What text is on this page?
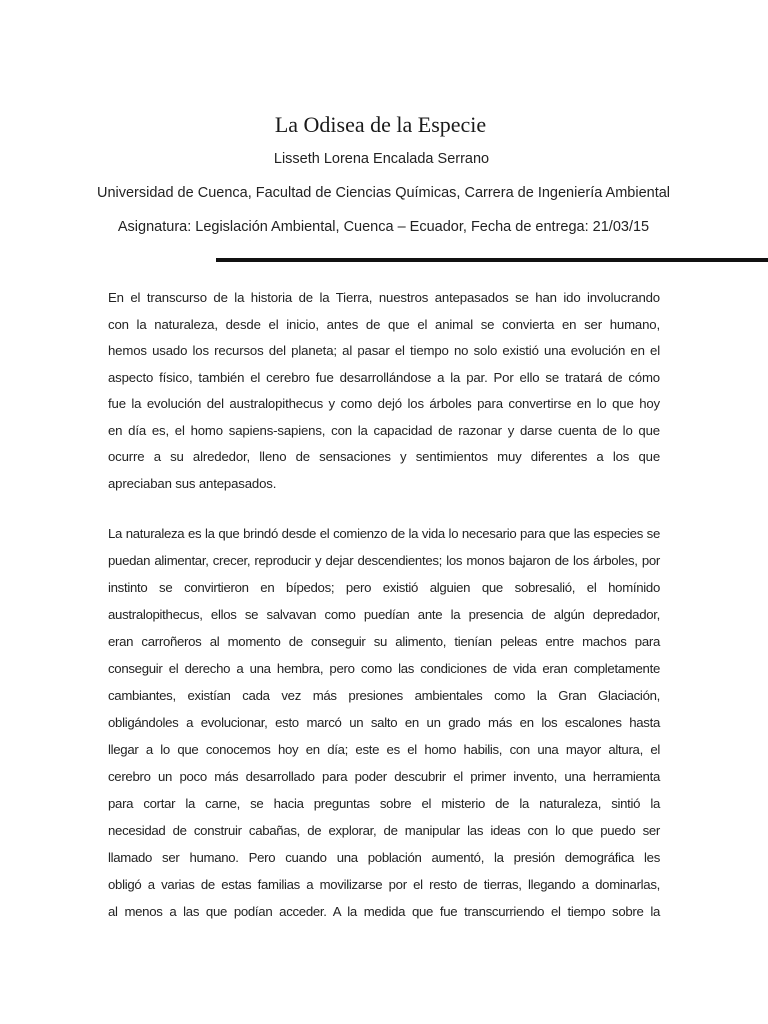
La Odisea de la Especie

Lisseth Lorena Encalada Serrano

Universidad de Cuenca, Facultad de Ciencias Químicas, Carrera de Ingeniería Ambiental

Asignatura: Legislación Ambiental, Cuenca – Ecuador, Fecha de entrega: 21/03/15

En el transcurso de la historia de la Tierra, nuestros antepasados se han ido involucrando
con la naturaleza, desde el inicio, antes de que el animal se convierta en ser humano,
hemos usado los recursos del planeta; al pasar el tiempo no solo existió una evolución en el
aspecto físico, también el cerebro fue desarrollándose a la par. Por ello se tratará de cómo
fue la evolución del australopithecus y como dejó los árboles para convertirse en lo que hoy
en día es, el homo sapiens-sapiens, con la capacidad de razonar y darse cuenta de lo que
ocurre a su alrededor, lleno de sensaciones y sentimientos muy diferentes a los que
apreciaban sus antepasados.
La naturaleza es la que brindó desde el comienzo de la vida lo necesario para que las especies se
puedan alimentar, crecer, reproducir y dejar descendientes; los monos bajaron de los árboles, por
instinto se convirtieron en bípedos; pero existió alguien que sobresalió, el homínido
australopithecus, ellos se salvavan como puedían ante la presencia de algún depredador,
eran carroñeros al momento de conseguir su alimento, tienían peleas entre machos para
conseguir el derecho a una hembra, pero como las condiciones de vida eran completamente
cambiantes, existían cada vez más presiones ambientales como la Gran Glaciación,
obligándoles a evolucionar, esto marcó un salto en un grado más en los escalones hasta
llegar a lo que conocemos hoy en día; este es el homo habilis, con una mayor altura, el
cerebro un poco más desarrollado para poder descubrir el primer invento, una herramienta
para cortar la carne, se hacia preguntas sobre el misterio de la naturaleza, sintió la
necesidad de construir cabañas, de explorar, de manipular las ideas con lo que puedo ser
llamado ser humano. Pero cuando una población aumentó, la presión demográfica les
obligó a varias de estas familias a movilizarse por el resto de tierras, llegando a dominarlas,
al menos a las que podían acceder. A la medida que fue transcurriendo el tiempo sobre la
